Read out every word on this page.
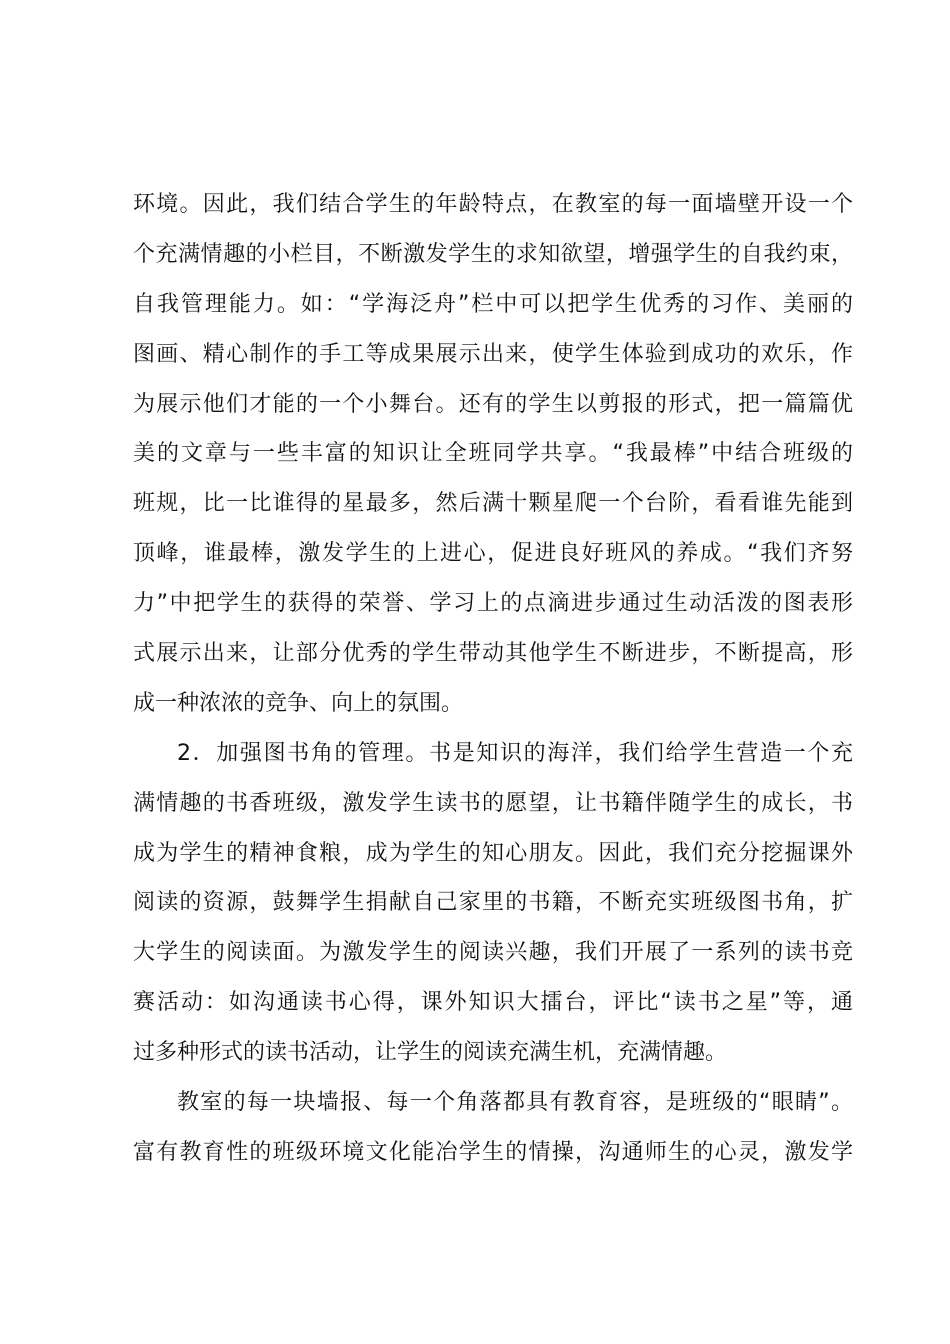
环境。因此，我们结合学生的年龄特点，在教室的每一面墙壁开设一个
个充满情趣的小栏目，不断激发学生的求知欲望，增强学生的自我约束，
自我管理能力。如：“学海泛舟”栏中可以把学生优秀的习作、美丽的
图画、精心制作的手工等成果展示出来，使学生体验到成功的欢乐，作
为展示他们才能的一个小舞台。还有的学生以剪报的形式，把一篇篇优
美的文章与一些丰富的知识让全班同学共享。“我最棒”中结合班级的
班规，比一比谁得的星最多，然后满十颗星爬一个台阶，看看谁先能到
顶峰，谁最棒，激发学生的上进心，促进良好班风的养成。“我们齐努
力”中把学生的获得的荣誉、学习上的点滴进步通过生动活泼的图表形
式展示出来，让部分优秀的学生带动其他学生不断进步，不断提高，形
成一种浓浓的竞争、向上的氛围。
2．加强图书角的管理。书是知识的海洋，我们给学生营造一个充
满情趣的书香班级，激发学生读书的愿望，让书籍伴随学生的成长，书
成为学生的精神食粮，成为学生的知心朋友。因此，我们充分挖掘课外
阅读的资源，鼓舞学生捐献自己家里的书籍，不断充实班级图书角，扩
大学生的阅读面。为激发学生的阅读兴趣，我们开展了一系列的读书竞
赛活动：如沟通读书心得，课外知识大擂台，评比“读书之星”等，通
过多种形式的读书活动，让学生的阅读充满生机，充满情趣。
教室的每一块墙报、每一个角落都具有教育容，是班级的“眼睛”。
富有教育性的班级环境文化能冶学生的情操，沟通师生的心灵，激发学
